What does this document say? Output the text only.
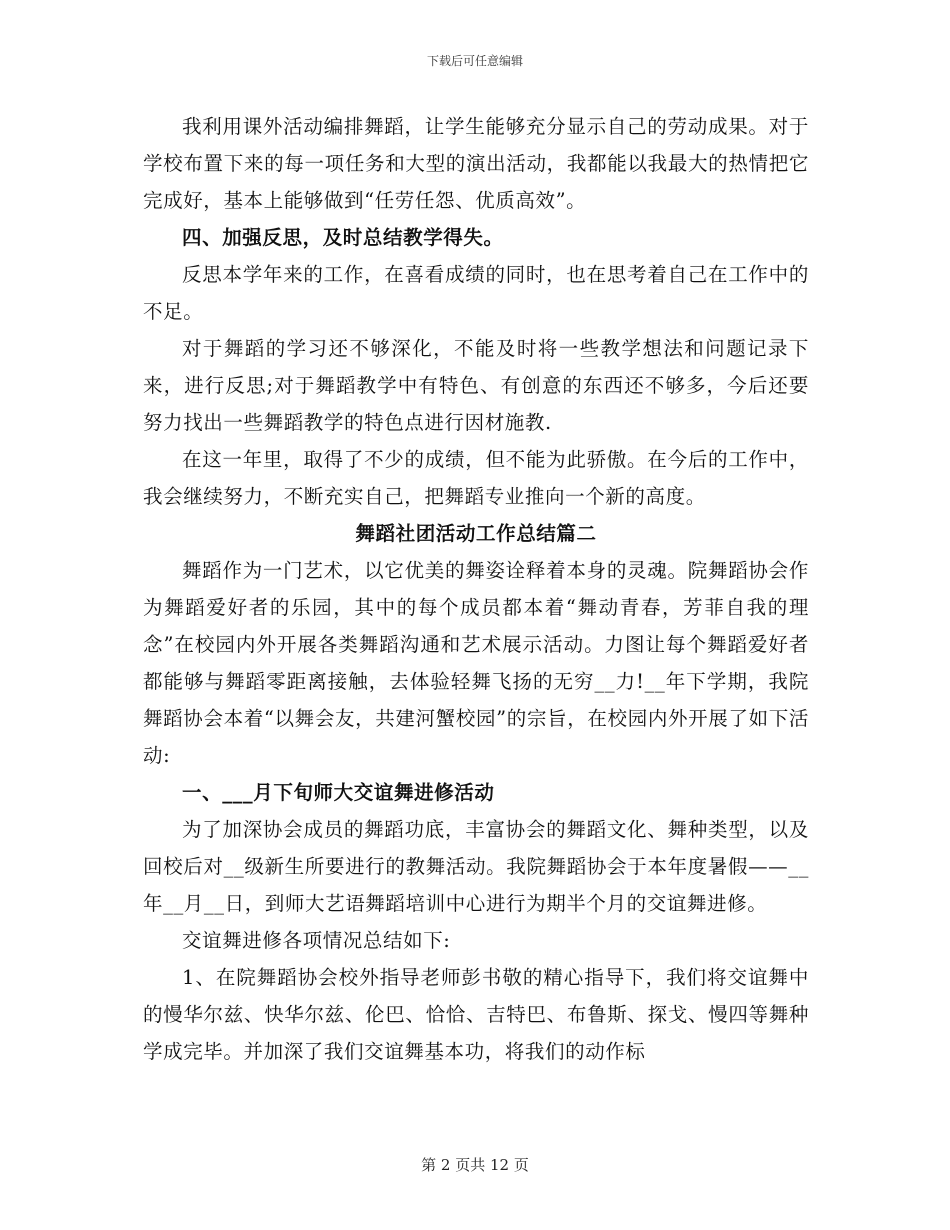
下载后可任意编辑

我利用课外活动编排舞蹈，让学生能够充分显示自己的劳动成果。对于学校布置下来的每一项任务和大型的演出活动，我都能以我最大的热情把它完成好，基本上能够做到“任劳任怨、优质高效”。

四、加强反思，及时总结教学得失。

反思本学年来的工作，在喜看成绩的同时，也在思考着自己在工作中的不足。

对于舞蹈的学习还不够深化，不能及时将一些教学想法和问题记录下来，进行反思;对于舞蹈教学中有特色、有创意的东西还不够多，今后还要努力找出一些舞蹈教学的特色点进行因材施教.

在这一年里，取得了不少的成绩，但不能为此骄傲。在今后的工作中，我会继续努力，不断充实自己，把舞蹈专业推向一个新的高度。

舞蹈社团活动工作总结篇二

舞蹈作为一门艺术，以它优美的舞姿诠释着本身的灵魂。院舞蹈协会作为舞蹈爱好者的乐园，其中的每个成员都本着“舞动青春，芳菲自我的理念”在校园内外开展各类舞蹈沟通和艺术展示活动。力图让每个舞蹈爱好者都能够与舞蹈零距离接触，去体验轻舞飞扬的无穷__力!__年下学期，我院舞蹈协会本着“以舞会友，共建河蟹校园”的宗旨，在校园内外开展了如下活动:

一、___月下旬师大交谊舞进修活动

为了加深协会成员的舞蹈功底，丰富协会的舞蹈文化、舞种类型，以及回校后对__级新生所要进行的教舞活动。我院舞蹈协会于本年度暑假——__年__月__日，到师大艺语舞蹈培训中心进行为期半个月的交谊舞进修。

交谊舞进修各项情况总结如下:

1、在院舞蹈协会校外指导老师彭书敬的精心指导下，我们将交谊舞中的慢华尔兹、快华尔兹、伦巴、恰恰、吉特巴、布鲁斯、探戈、慢四等舞种学成完毕。并加深了我们交谊舞基本功，将我们的动作标

第 2 页共 12 页
